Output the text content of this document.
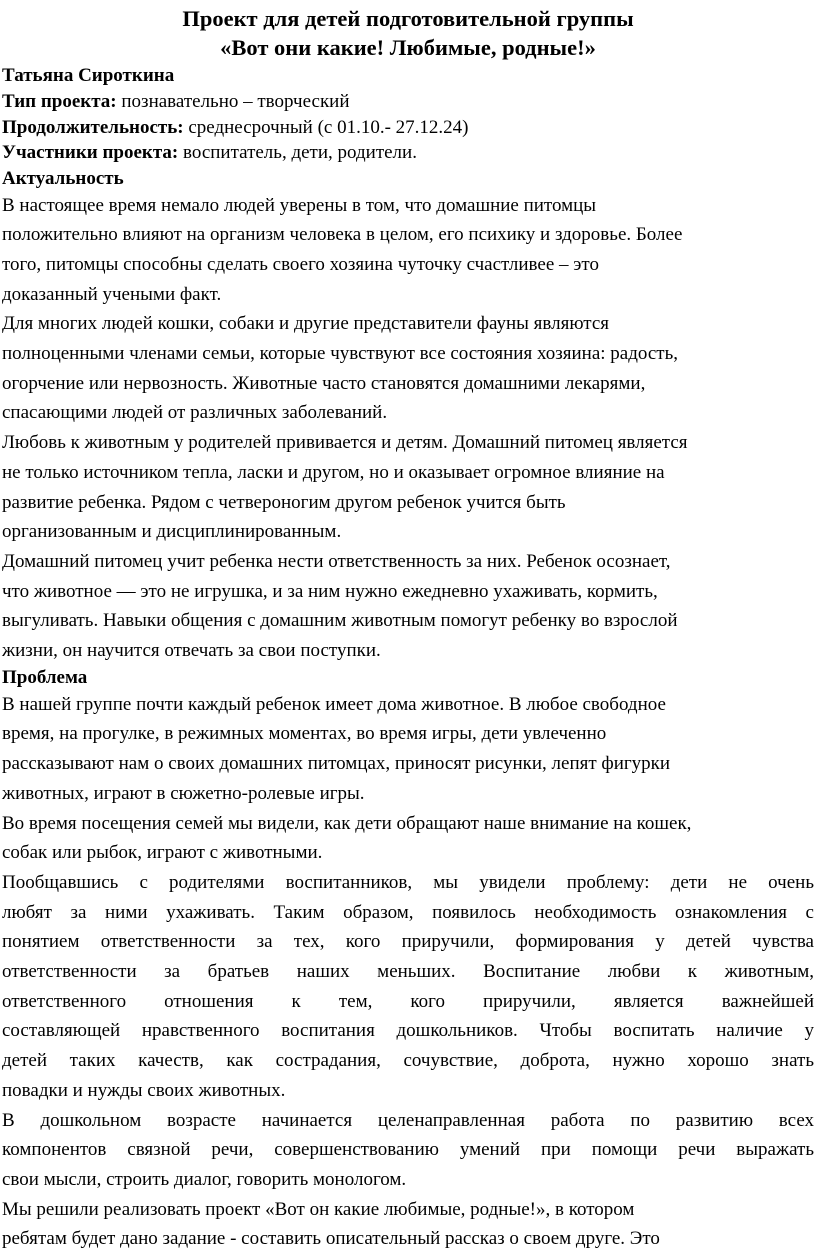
Проект для детей подготовительной группы
«Вот они какие! Любимые, родные!»
Татьяна Сироткина
Тип проекта: познавательно – творческий
Продолжительность: среднесрочный (с 01.10.- 27.12.24)
Участники проекта: воспитатель, дети, родители.
Актуальность
В настоящее время немало людей уверены в том, что домашние питомцы
положительно влияют на организм человека в целом, его психику и здоровье. Более
того, питомцы способны сделать своего хозяина чуточку счастливее – это
доказанный учеными факт.
Для многих людей кошки, собаки и другие представители фауны являются
полноценными членами семьи, которые чувствуют все состояния хозяина: радость,
огорчение или нервозность. Животные часто становятся домашними лекарями,
спасающими людей от различных заболеваний.
Любовь к животным у родителей прививается и детям. Домашний питомец является
не только источником тепла, ласки и другом, но и оказывает огромное влияние на
развитие ребенка. Рядом с четвероногим другом ребенок учится быть
организованным и дисциплинированным.
Домашний питомец учит ребенка нести ответственность за них. Ребенок осознает,
что животное — это не игрушка, и за ним нужно ежедневно ухаживать, кормить,
выгуливать. Навыки общения с домашним животным помогут ребенку во взрослой
жизни, он научится отвечать за свои поступки.
Проблема
В нашей группе почти каждый ребенок имеет дома животное. В любое свободное
время, на прогулке, в режимных моментах, во время игры, дети увлеченно
рассказывают нам о своих домашних питомцах, приносят рисунки, лепят фигурки
животных, играют в сюжетно-ролевые игры.
Во время посещения семей мы видели, как дети обращают наше внимание на кошек,
собак или рыбок, играют с животными.
Пообщавшись с родителями воспитанников, мы увидели проблему: дети не очень
любят за ними ухаживать. Таким образом, появилось необходимость ознакомления с
понятием ответственности за тех, кого приручили, формирования у детей чувства
ответственности за братьев наших меньших. Воспитание любви к животным,
ответственного отношения к тем, кого приручили, является важнейшей
составляющей нравственного воспитания дошкольников. Чтобы воспитать наличие у
детей таких качеств, как сострадания, сочувствие, доброта, нужно хорошо знать
повадки и нужды своих животных.
В дошкольном возрасте начинается целенаправленная работа по развитию всех
компонентов связной речи, совершенствованию умений при помощи речи выражать
свои мысли, строить диалог, говорить монологом.
Мы решили реализовать проект «Вот он какие любимые, родные!», в котором
ребятам будет дано задание - составить описательный рассказ о своем друге. Это
